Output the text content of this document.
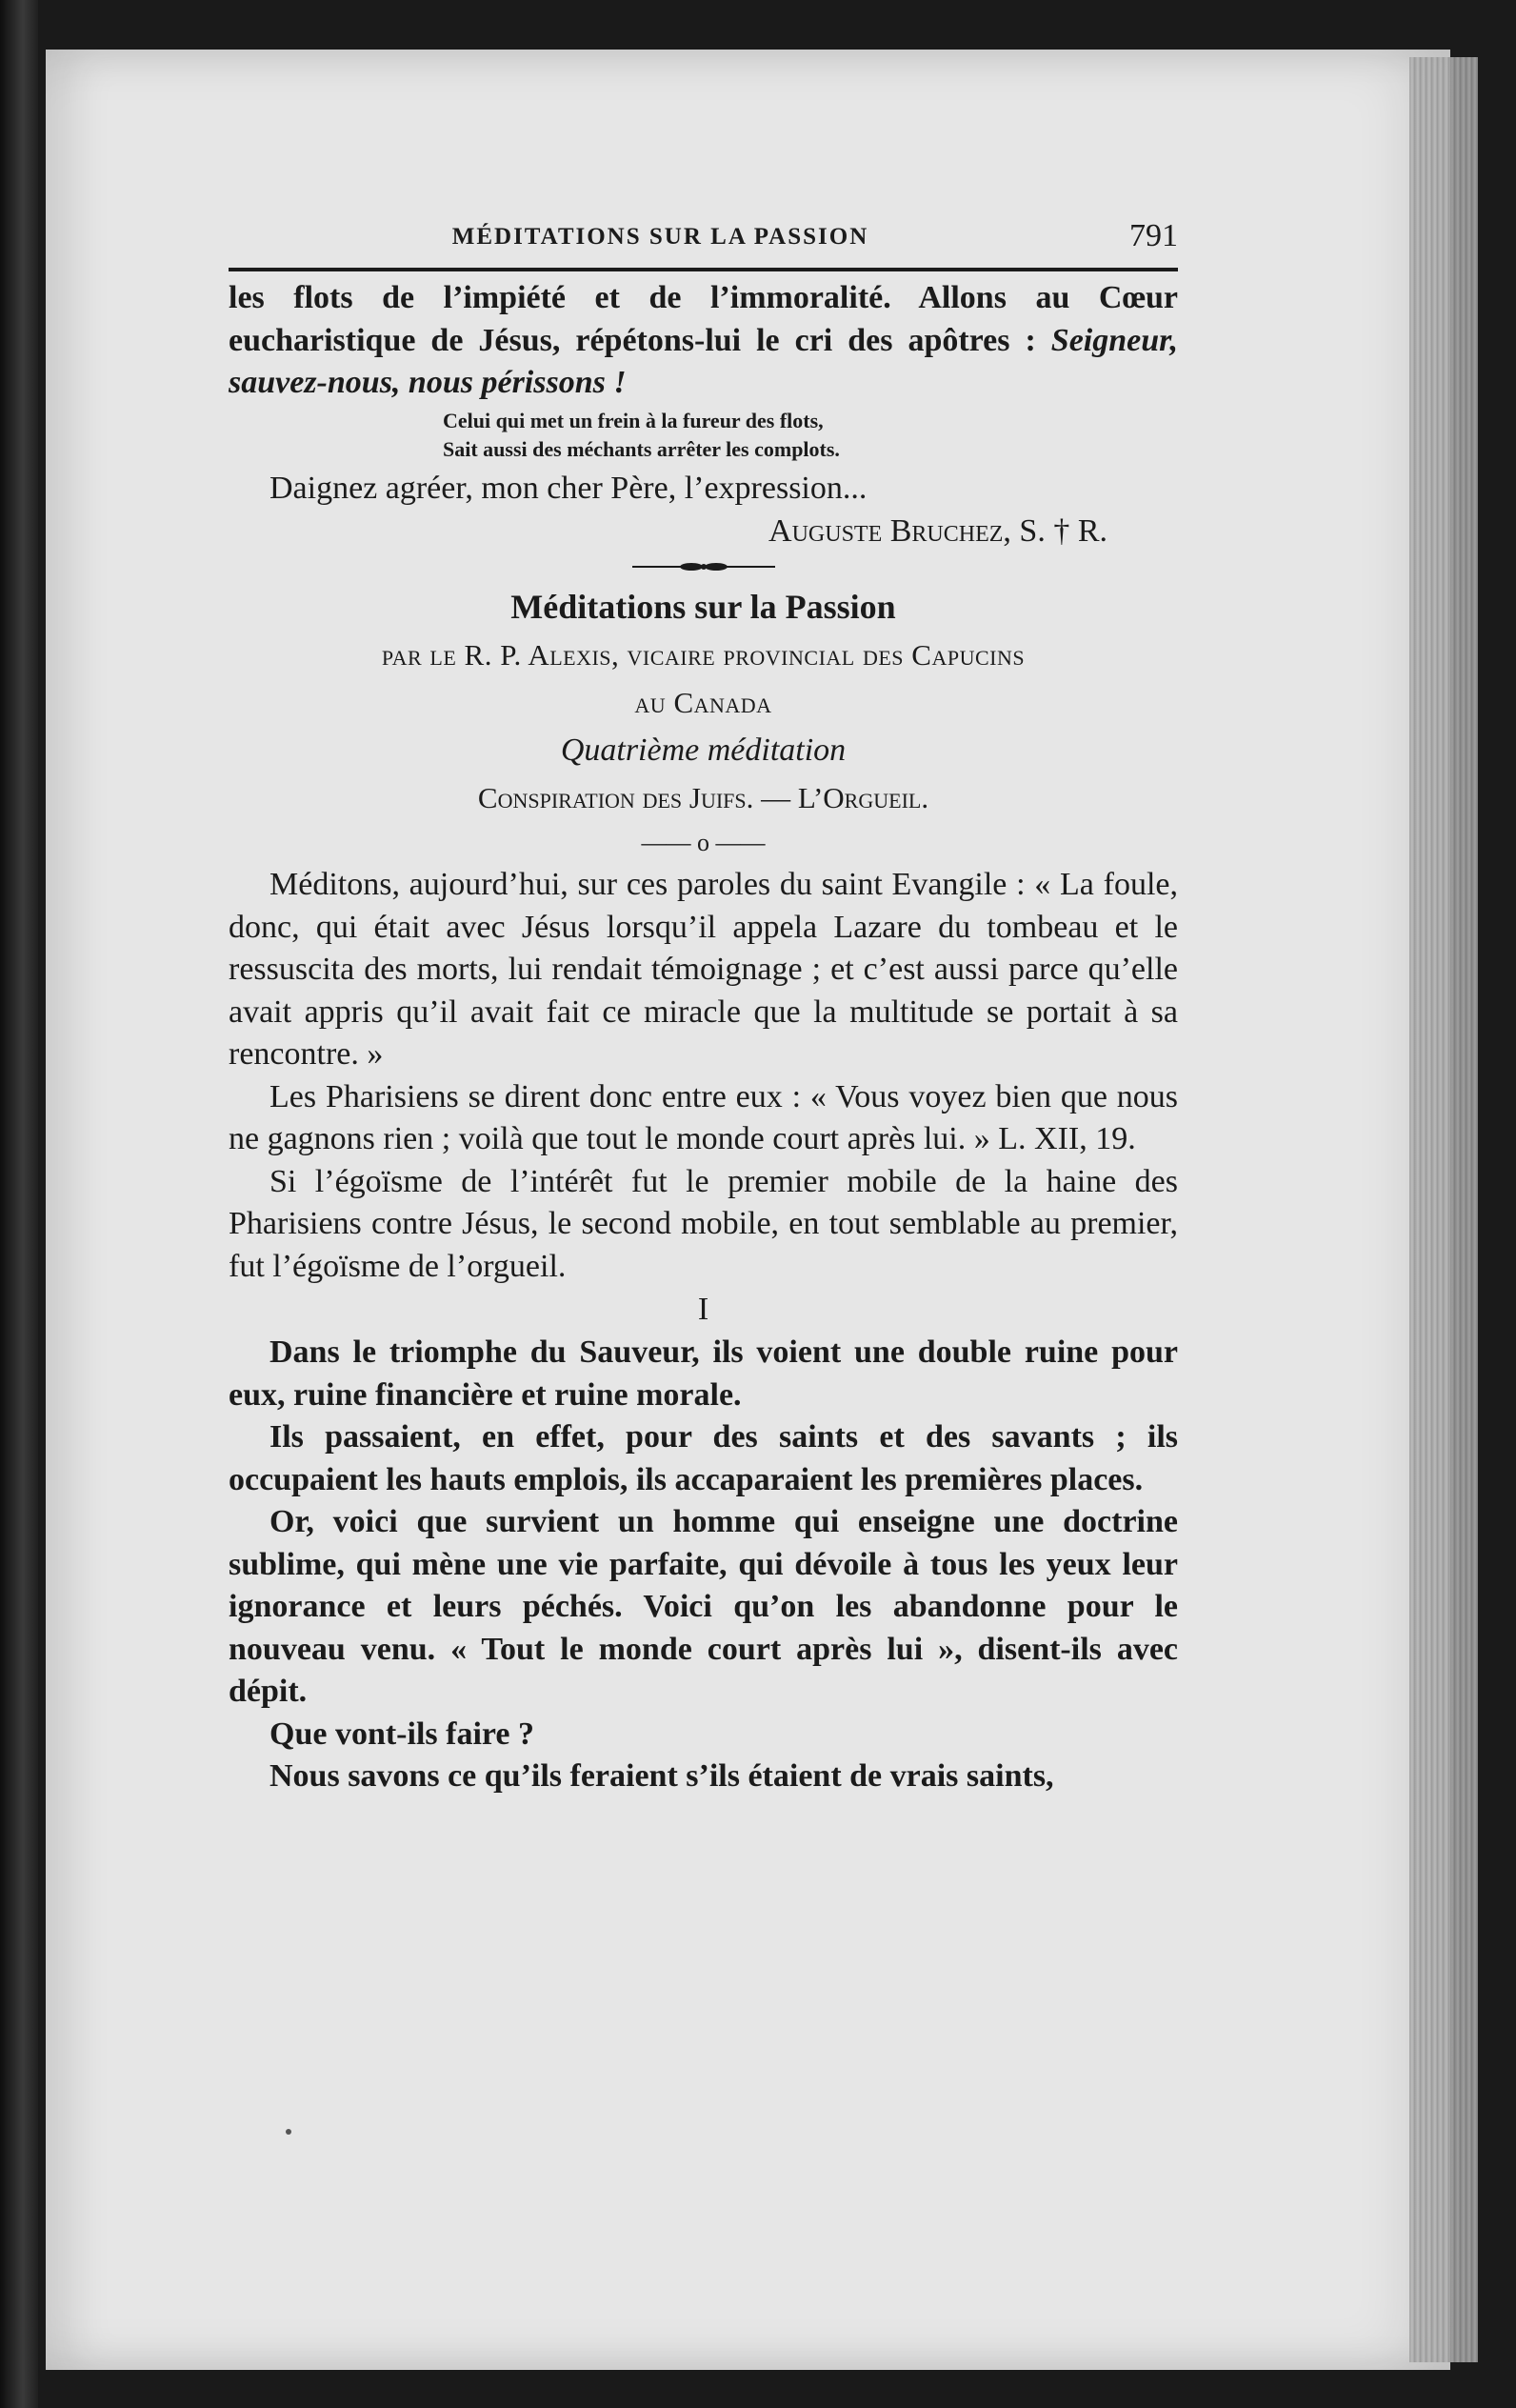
MÉDITATIONS SUR LA PASSION	791

les flots de l’impiété et de l’immoralité. Allons au Cœur eucharistique de Jésus, répétons-lui le cri des apôtres : Seigneur, sauvez-nous, nous périssons !

Celui qui met un frein à la fureur des flots,
Sait aussi des méchants arrêter les complots.

Daignez agréer, mon cher Père, l’expression...

Auguste Bruchez, S. † R.
Méditations sur la Passion
par le R. P. Alexis, vicaire provincial des Capucins
au Canada
Quatrième méditation
Conspiration des Juifs. — L’Orgueil.
—— o ——

Méditons, aujourd’hui, sur ces paroles du saint Evangile : « La foule, donc, qui était avec Jésus lorsqu’il appela Lazare du tombeau et le ressuscita des morts, lui rendait témoignage ; et c’est aussi parce qu’elle avait appris qu’il avait fait ce miracle que la multitude se portait à sa rencontre. »

Les Pharisiens se dirent donc entre eux : « Vous voyez bien que nous ne gagnons rien ; voilà que tout le monde court après lui. » L. XII, 19.

Si l’égoïsme de l’intérêt fut le premier mobile de la haine des Pharisiens contre Jésus, le second mobile, en tout semblable au premier, fut l’égoïsme de l’orgueil.

I

Dans le triomphe du Sauveur, ils voient une double ruine pour eux, ruine financière et ruine morale.

Ils passaient, en effet, pour des saints et des savants ; ils occupaient les hauts emplois, ils accaparaient les premières places.

Or, voici que survient un homme qui enseigne une doctrine sublime, qui mène une vie parfaite, qui dévoile à tous les yeux leur ignorance et leurs péchés. Voici qu’on les abandonne pour le nouveau venu. « Tout le monde court après lui », disent-ils avec dépit.

Que vont-ils faire ?

Nous savons ce qu’ils feraient s’ils étaient de vrais saints,
